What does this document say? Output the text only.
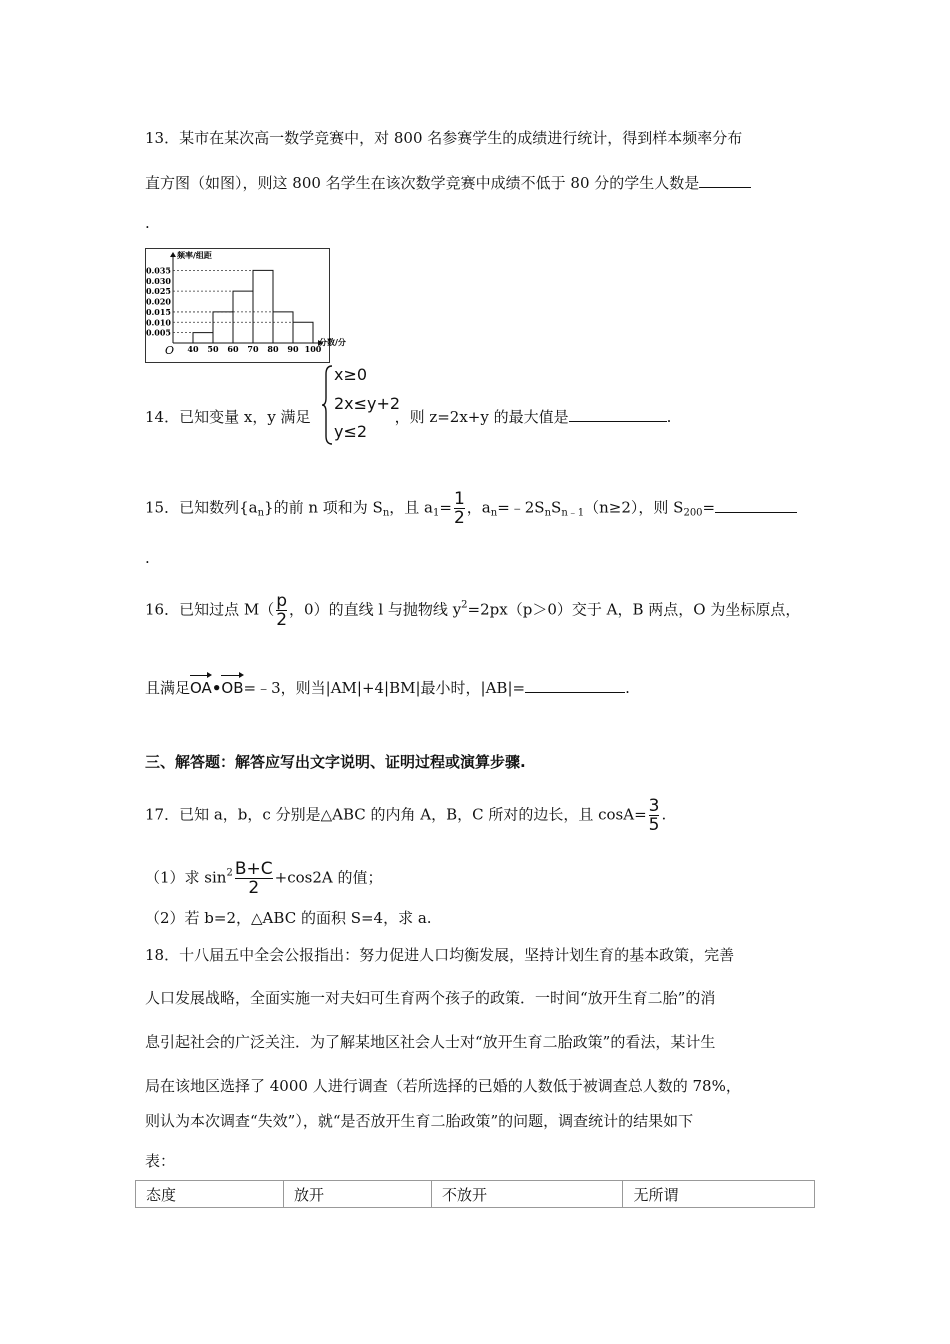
13．某市在某次高一数学竞赛中，对 800 名参赛学生的成绩进行统计，得到样本频率分布
直方图（如图），则这 800 名学生在该次数学竞赛中成绩不低于 80 分的学生人数是
.
0.005
0.010
0.015
0.020
0.025
0.030
0.035
40 50 60 70 80 90 100
频率/组距
分数/分
O
14．已知变量 x，y 满足	，则 z=2x+y 的最大值是	.
x≥0
2x≤y+2
y≤2
15．已知数列$\{a_n\}$的前 n 项和为 $S_n$，且 $a_1= \frac{1}{2}$ ，$a_n=﹣2S_nS_{n﹣1}(n\ge 2)$，则 $S_{200}=$
.
16．已知过点 $M( \frac{p}{2}$ ，0）的直线 l 与抛物线 $y^2=2px(p>0)$交于 A，B 两点，O 为坐标原点，
且满足OA•OB=﹣3，则当|AM|+4|BM|最小时，|AB|=	.
三、解答题：解答应写出文字说明、证明过程或演算步骤.
17．已知 a，b，c 分别是△ABC 的内角 A，B，C 所对的边长，且 $\cos A= \frac{3}{5}$ .
（1）求 $\sin^2 \frac{B+C}{2} +\cos 2A$ 的值；
（2）若 b=2，△ABC 的面积 S=4，求 a.
18．十八届五中全会公报指出：努力促进人口均衡发展，坚持计划生育的基本政策，完善
人口发展战略，全面实施一对夫妇可生育两个孩子的政策．一时间“放开生育二胎”的消
息引起社会的广泛关注．为了解某地区社会人士对“放开生育二胎政策”的看法，某计生
局在该地区选择了 4000 人进行调查（若所选择的已婚的人数低于被调查总人数的 78%，
则认为本次调查“失效”），就“是否放开生育二胎政策”的问题，调查统计的结果如下
表：
态度	放开	不放开	无所谓
